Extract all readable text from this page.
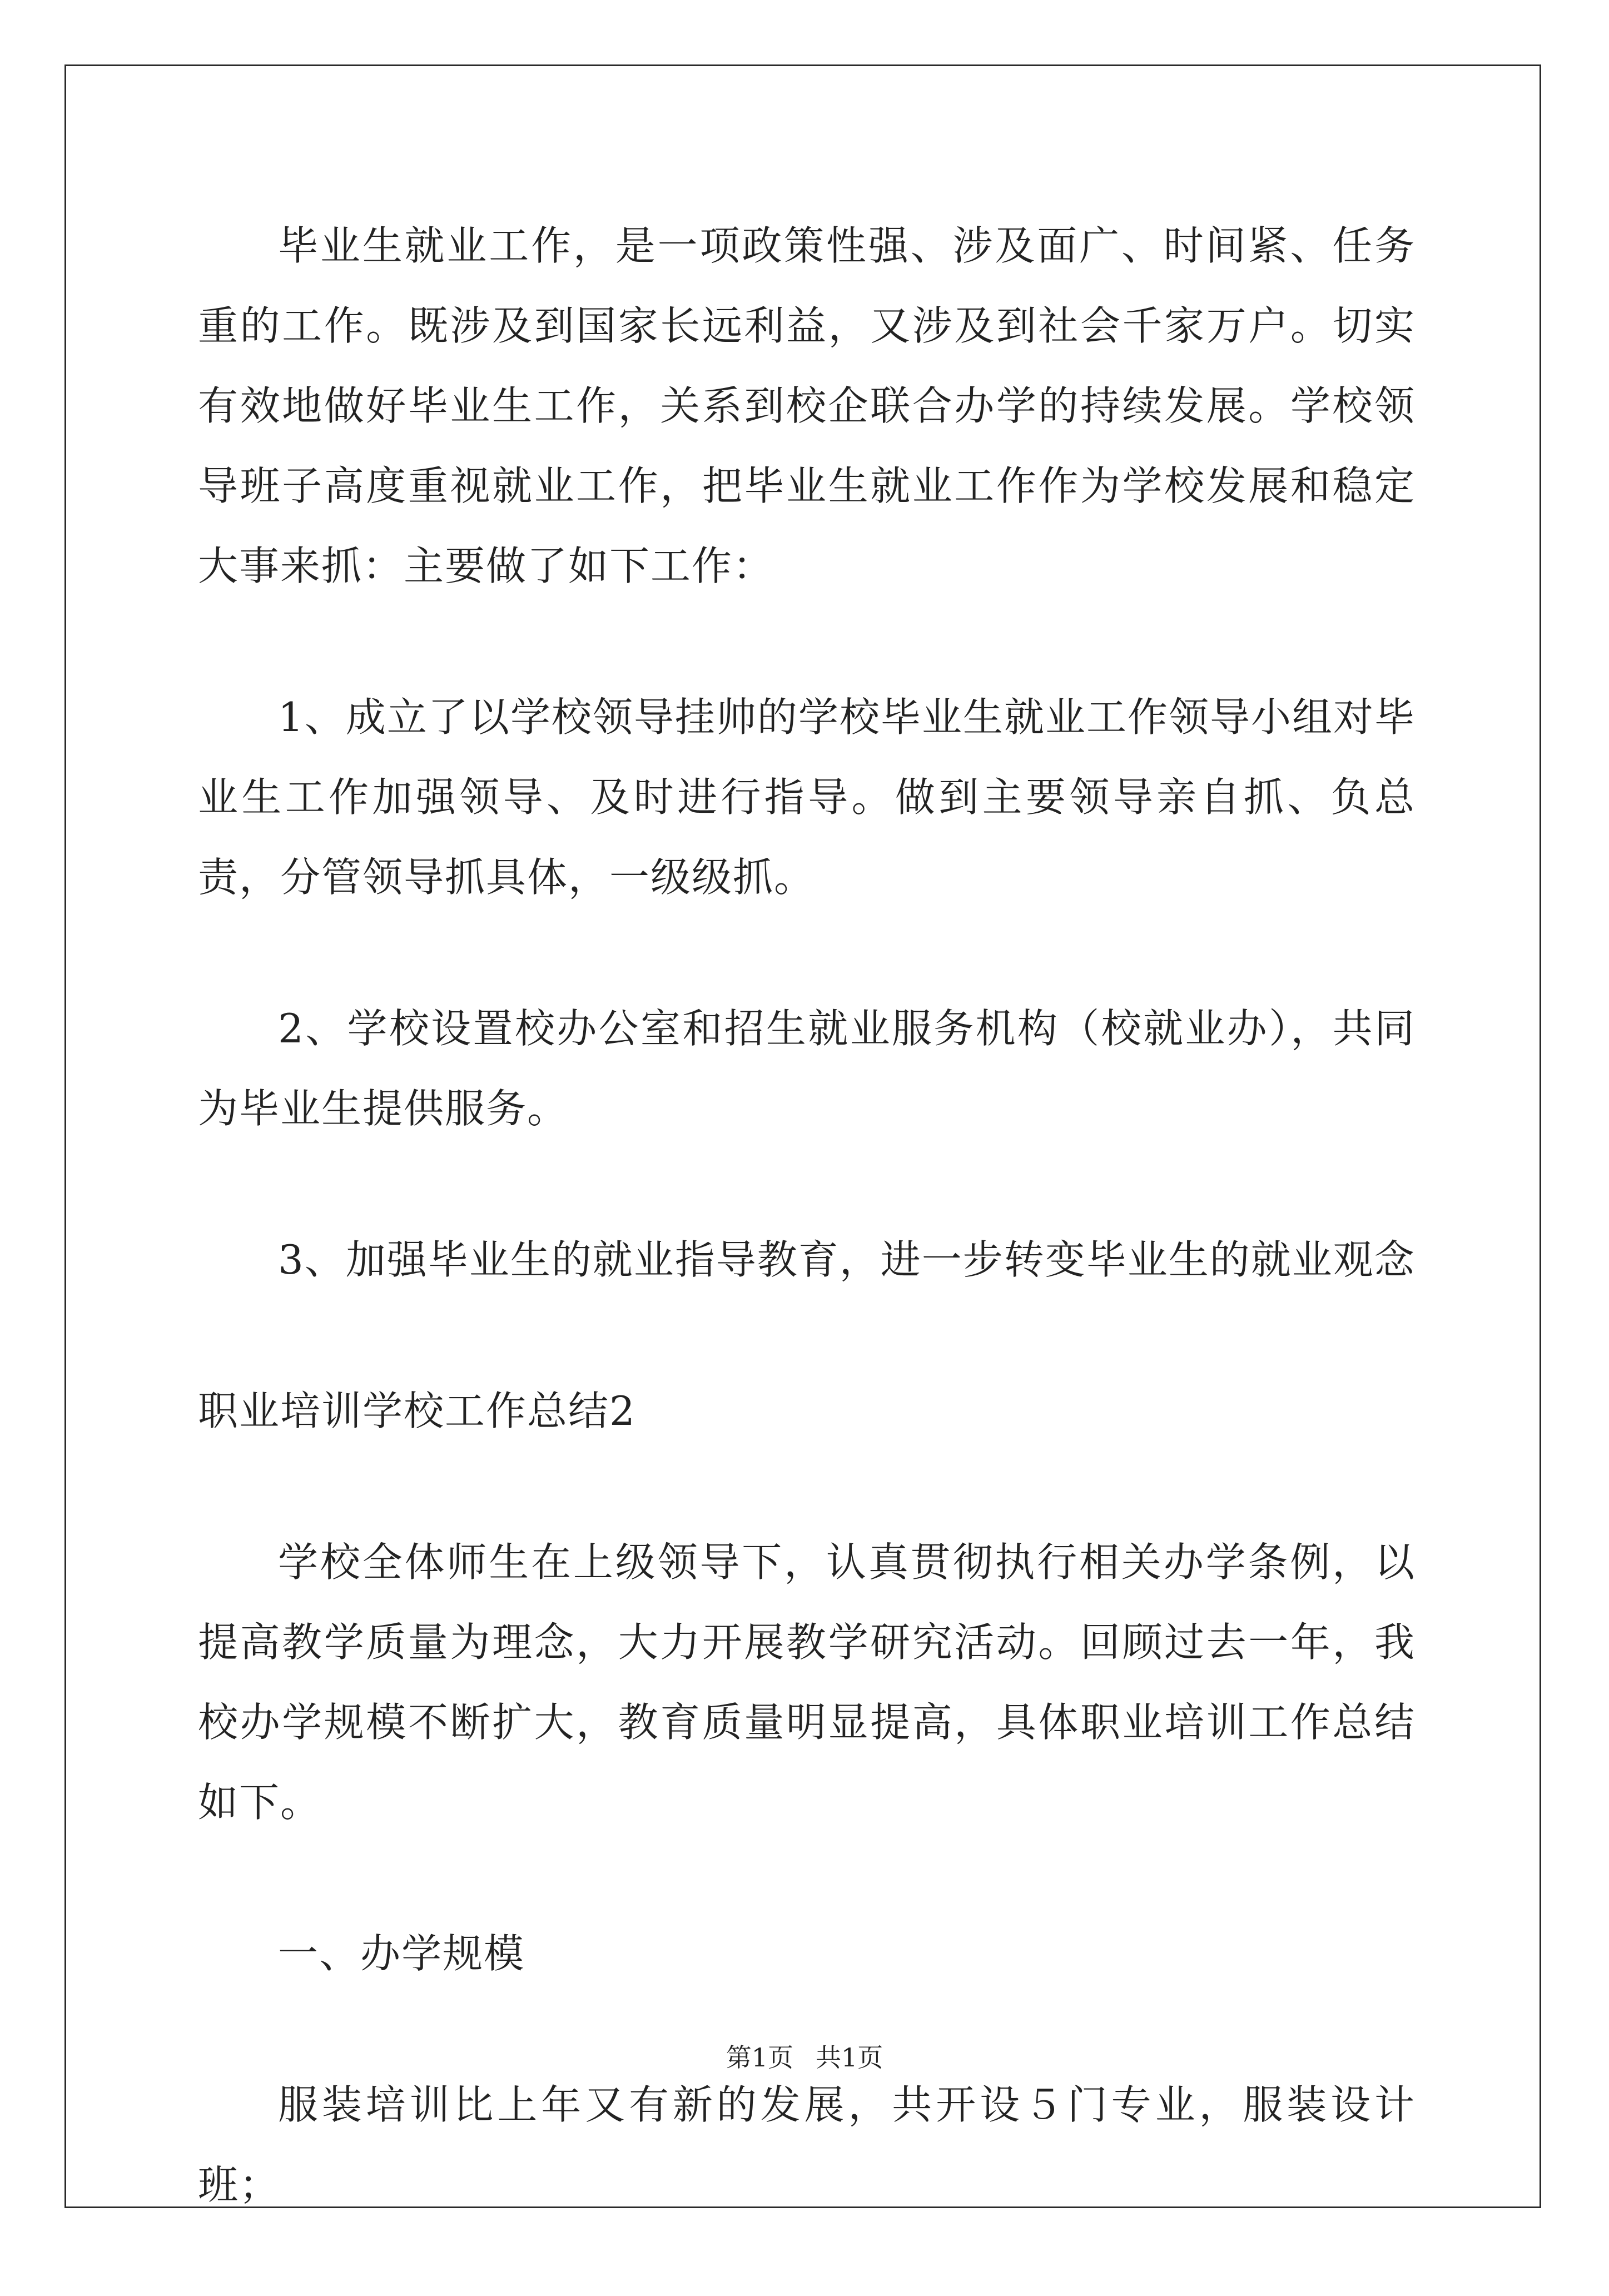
毕业生就业工作，是一项政策性强、涉及面广、时间紧、任务重的工作。既涉及到国家长远利益，又涉及到社会千家万户。切实有效地做好毕业生工作，关系到校企联合办学的持续发展。学校领导班子高度重视就业工作，把毕业生就业工作作为学校发展和稳定大事来抓：主要做了如下工作：

1、成立了以学校领导挂帅的学校毕业生就业工作领导小组对毕业生工作加强领导、及时进行指导。做到主要领导亲自抓、负总责，分管领导抓具体，一级级抓。

2、学校设置校办公室和招生就业服务机构（校就业办），共同为毕业生提供服务。

3、加强毕业生的就业指导教育，进一步转变毕业生的就业观念

职业培训学校工作总结2

学校全体师生在上级领导下，认真贯彻执行相关办学条例，以提高教学质量为理念，大力开展教学研究活动。回顾过去一年，我校办学规模不断扩大，教育质量明显提高，具体职业培训工作总结如下。

一、办学规模

服装培训比上年又有新的发展，共开设５门专业，服装设计班；

第1页 共1页
